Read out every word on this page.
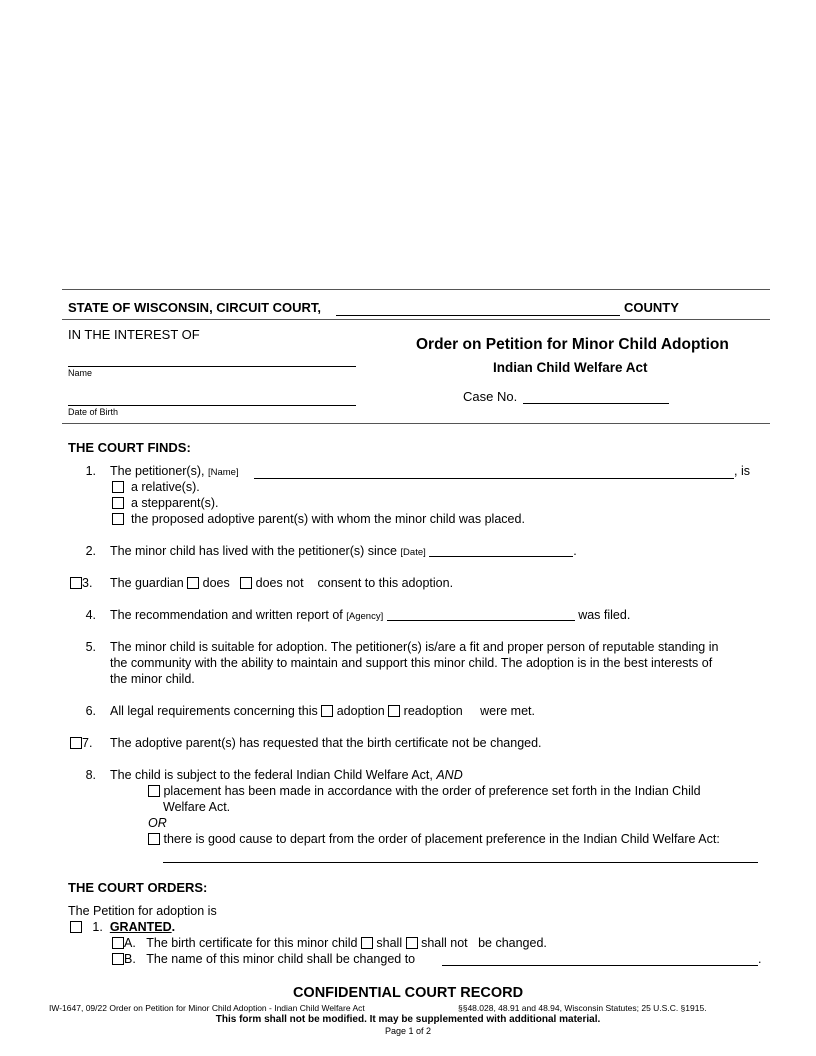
STATE OF WISCONSIN, CIRCUIT COURT,	COUNTY
IN THE INTEREST OF
Name
Date of Birth
Order on Petition for Minor Child Adoption
Indian Child Welfare Act
Case No.
THE COURT FINDS:
1. The petitioner(s), [Name]	, is
a relative(s).
a stepparent(s).
the proposed adoptive parent(s) with whom the minor child was placed.
2. The minor child has lived with the petitioner(s) since [Date]	.
3. The guardian does does not consent to this adoption.
4. The recommendation and written report of [Agency]	was filed.
5. The minor child is suitable for adoption. The petitioner(s) is/are a fit and proper person of reputable standing in
the community with the ability to maintain and support this minor child. The adoption is in the best interests of
the minor child.
6. All legal requirements concerning this adoption readoption were met.
7. The adoptive parent(s) has requested that the birth certificate not be changed.
8. The child is subject to the federal Indian Child Welfare Act, AND
placement has been made in accordance with the order of preference set forth in the Indian Child
Welfare Act.
OR
there is good cause to depart from the order of placement preference in the Indian Child Welfare Act:
THE COURT ORDERS:
The Petition for adoption is
1. GRANTED.
A. The birth certificate for this minor child shall shall not be changed.
B. The name of this minor child shall be changed to	.
CONFIDENTIAL COURT RECORD
IW-1647, 09/22 Order on Petition for Minor Child Adoption - Indian Child Welfare Act	§§48.028, 48.91 and 48.94, Wisconsin Statutes; 25 U.S.C. §1915.
This form shall not be modified. It may be supplemented with additional material.
Page 1 of 2
